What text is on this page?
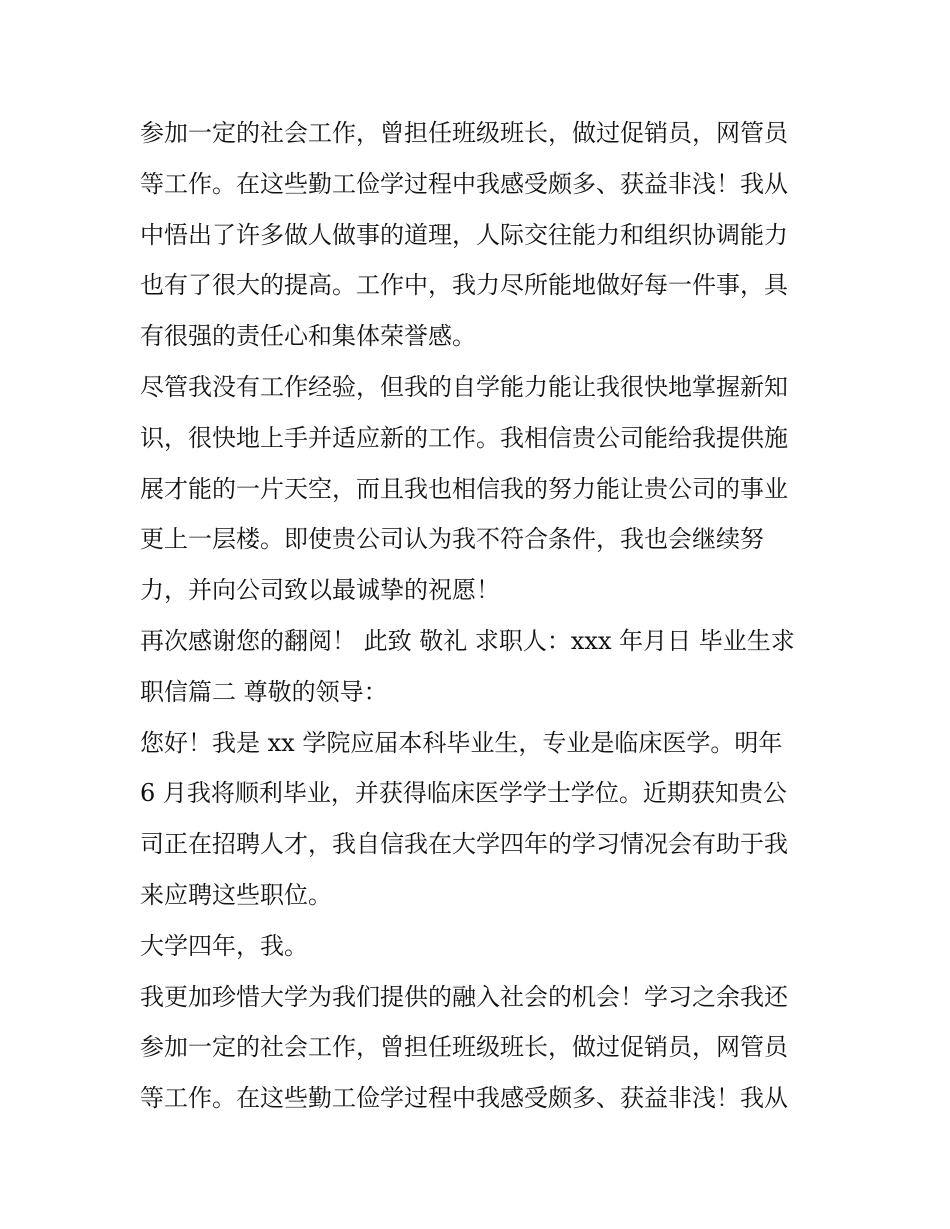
参加一定的社会工作，曾担任班级班长，做过促销员，网管员
等工作。在这些勤工俭学过程中我感受颇多、获益非浅！我从
中悟出了许多做人做事的道理，人际交往能力和组织协调能力
也有了很大的提高。工作中，我力尽所能地做好每一件事，具
有很强的责任心和集体荣誉感。
尽管我没有工作经验，但我的自学能力能让我很快地掌握新知
识，很快地上手并适应新的工作。我相信贵公司能给我提供施
展才能的一片天空，而且我也相信我的努力能让贵公司的事业
更上一层楼。即使贵公司认为我不符合条件，我也会继续努
力，并向公司致以最诚挚的祝愿！
再次感谢您的翻阅！ 此致 敬礼 求职人：xxx 年月日 毕业生求
职信篇二 尊敬的领导：
您好！我是 xx 学院应届本科毕业生，专业是临床医学。明年
6 月我将顺利毕业，并获得临床医学学士学位。近期获知贵公
司正在招聘人才，我自信我在大学四年的学习情况会有助于我
来应聘这些职位。
大学四年，我。
我更加珍惜大学为我们提供的融入社会的机会！学习之余我还
参加一定的社会工作，曾担任班级班长，做过促销员，网管员
等工作。在这些勤工俭学过程中我感受颇多、获益非浅！我从
